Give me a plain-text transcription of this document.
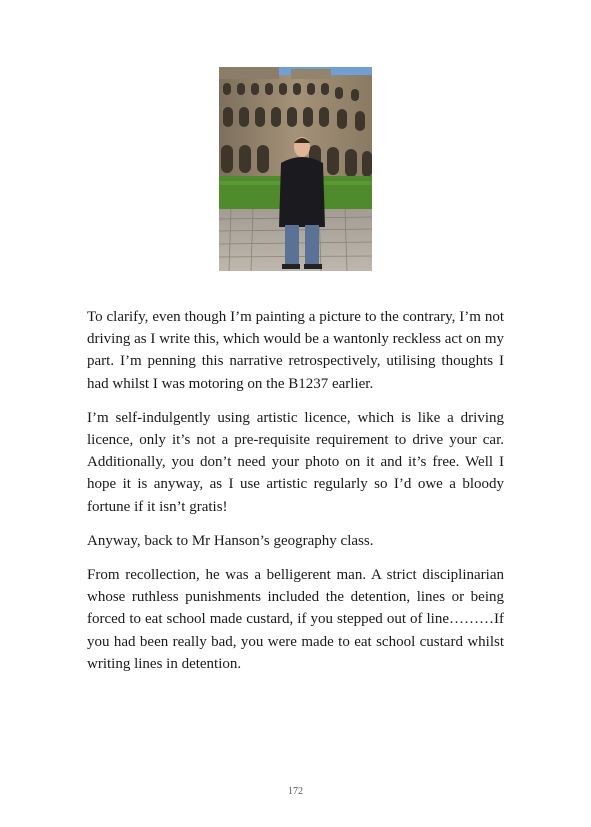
To clarify, even though I’m painting a picture to the contrary, I’m not driving as I write this, which would be a wantonly reckless act on my part. I’m penning this narrative retrospectively, utilising thoughts I had whilst I was motoring on the B1237 earlier.

I’m self-indulgently using artistic licence, which is like a driving licence, only it’s not a pre-requisite requirement to drive your car. Additionally, you don’t need your photo on it and it’s free. Well I hope it is anyway, as I use artistic regularly so I’d owe a bloody fortune if it isn’t gratis!

Anyway, back to Mr Hanson’s geography class.

From recollection, he was a belligerent man. A strict disciplinarian whose ruthless punishments included the detention, lines or being forced to eat school made custard, if you stepped out of line………If you had been really bad, you were made to eat school custard whilst writing lines in detention.

172
